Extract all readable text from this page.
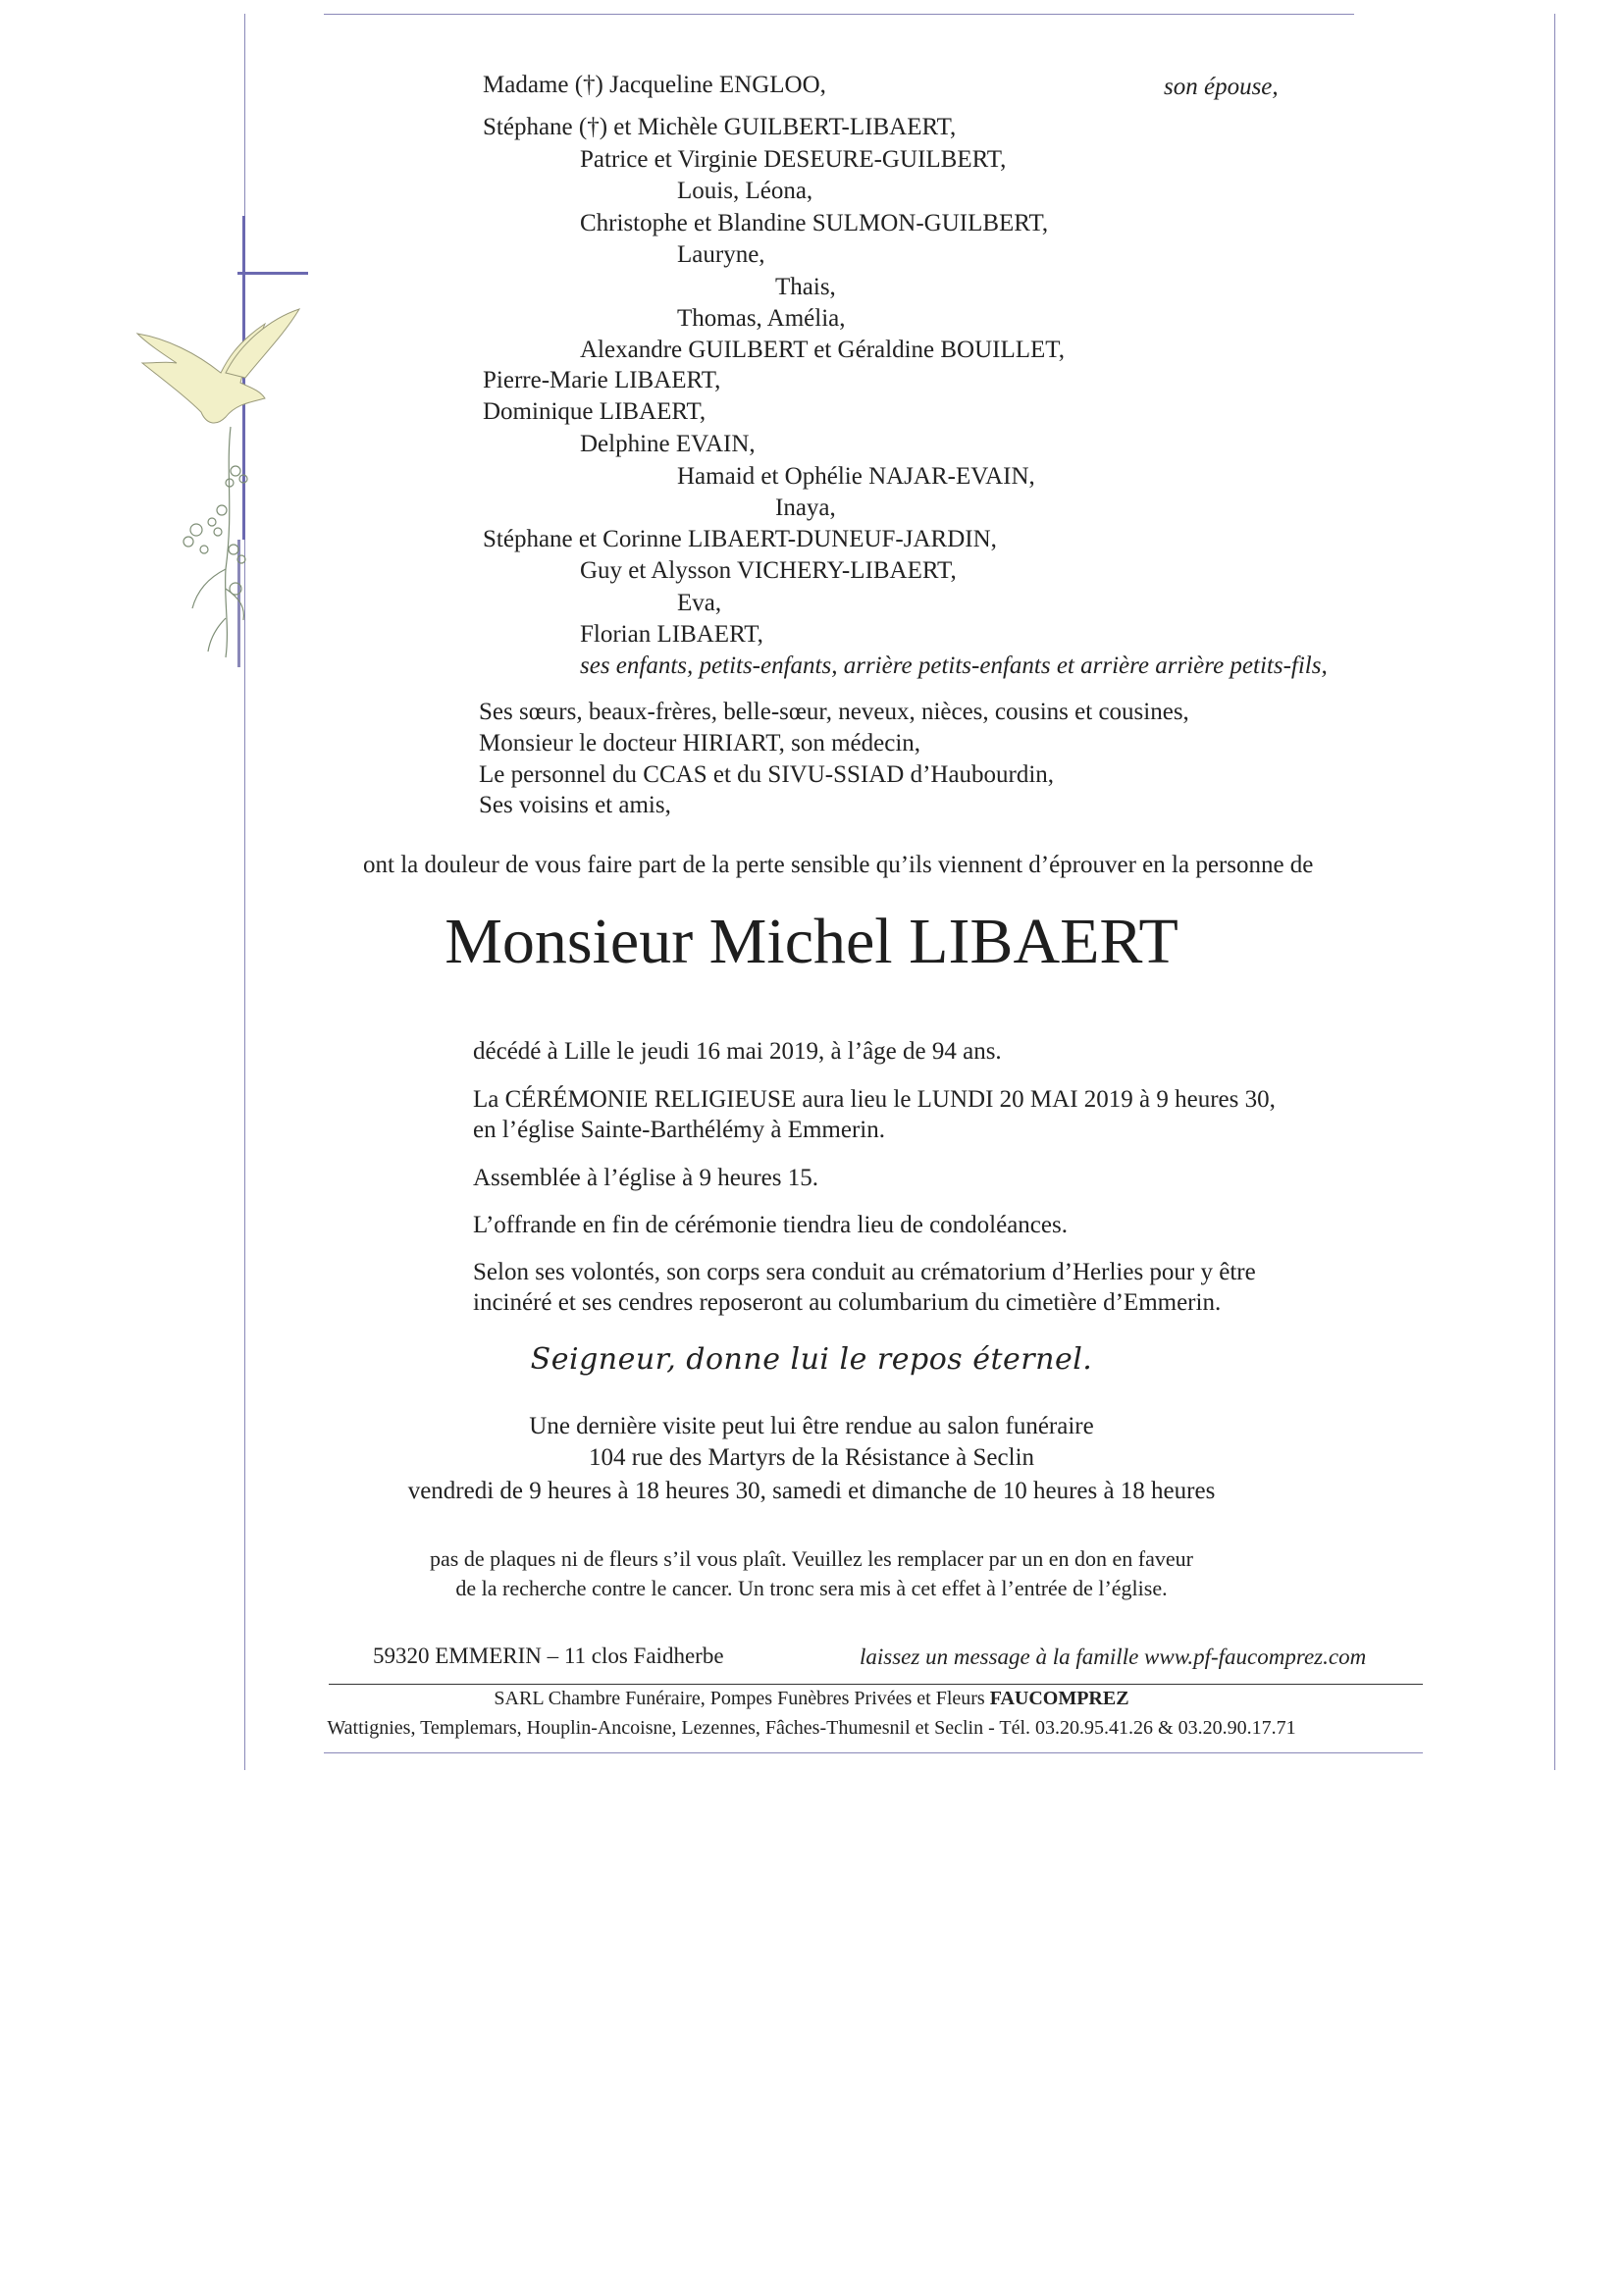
Madame (†) Jacqueline ENGLOO,	son épouse,
Stéphane (†) et Michèle GUILBERT-LIBAERT,
Patrice et Virginie DESEURE-GUILBERT,
Louis, Léona,
Christophe et Blandine SULMON-GUILBERT,
Lauryne,
Thais,
Thomas, Amélia,
Alexandre GUILBERT et Géraldine BOUILLET,
Pierre-Marie LIBAERT,
Dominique LIBAERT,
Delphine EVAIN,
Hamaid et Ophélie NAJAR-EVAIN,
Inaya,
Stéphane et Corinne LIBAERT-DUNEUF-JARDIN,
Guy et Alysson VICHERY-LIBAERT,
Eva,
Florian LIBAERT,
ses enfants, petits-enfants, arrière petits-enfants et arrière arrière petits-fils,
Ses sœurs, beaux-frères, belle-sœur, neveux, nièces, cousins et cousines,
Monsieur le docteur HIRIART, son médecin,
Le personnel du CCAS et du SIVU-SSIAD d’Haubourdin,
Ses voisins et amis,
ont la douleur de vous faire part de la perte sensible qu’ils viennent d’éprouver en la personne de
Monsieur Michel LIBAERT
décédé à Lille le jeudi 16 mai 2019, à l’âge de 94 ans.
La CÉRÉMONIE RELIGIEUSE aura lieu le LUNDI 20 MAI 2019 à 9 heures 30,
en l’église Sainte-Barthélémy à Emmerin.
Assemblée à l’église à 9 heures 15.
L’offrande en fin de cérémonie tiendra lieu de condoléances.
Selon ses volontés, son corps sera conduit au crématorium d’Herlies pour y être
incinéré et ses cendres reposeront au columbarium du cimetière d’Emmerin.
Seigneur, donne lui le repos éternel.
Une dernière visite peut lui être rendue au salon funéraire
104 rue des Martyrs de la Résistance à Seclin
vendredi de 9 heures à 18 heures 30, samedi et dimanche de 10 heures à 18 heures
pas de plaques ni de fleurs s’il vous plaît. Veuillez les remplacer par un en don en faveur
de la recherche contre le cancer. Un tronc sera mis à cet effet à l’entrée de l’église.
59320 EMMERIN – 11 clos Faidherbe	laissez un message à la famille www.pf-faucomprez.com
SARL Chambre Funéraire, Pompes Funèbres Privées et Fleurs FAUCOMPREZ
Wattignies, Templemars, Houplin-Ancoisne, Lezennes, Fâches-Thumesnil et Seclin - Tél. 03.20.95.41.26 & 03.20.90.17.71
